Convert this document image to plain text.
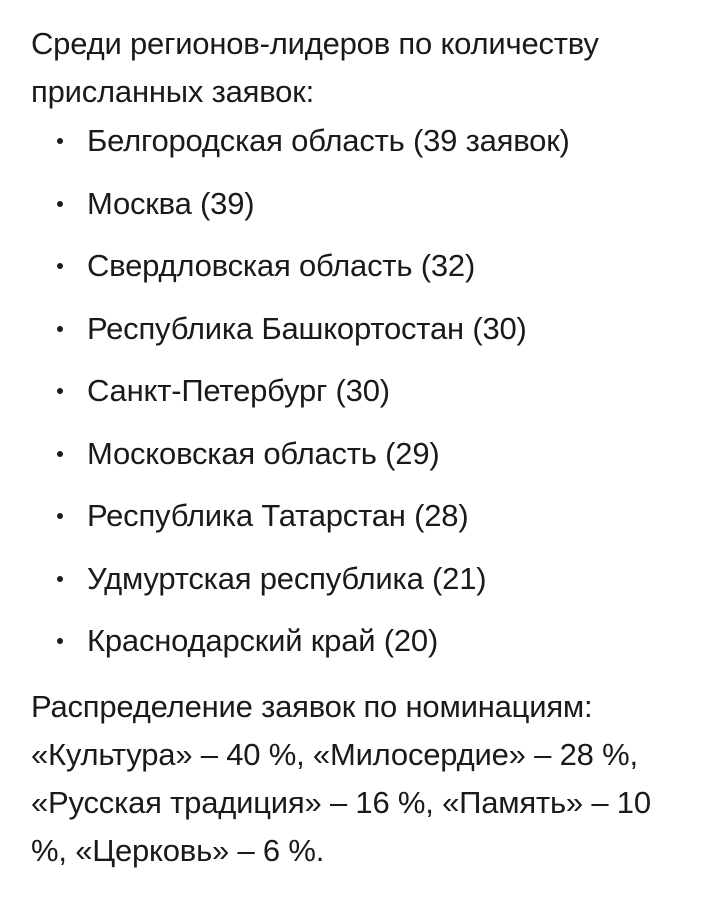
Среди регионов-лидеров по количеству
присланных заявок:

Белгородская область (39 заявок)
Москва (39)
Свердловская область (32)
Республика Башкортостан (30)
Санкт-Петербург (30)
Московская область (29)
Республика Татарстан (28)
Удмуртская республика (21)
Краснодарский край (20)

Распределение заявок по номинациям:
«Культура» – 40 %, «Милосердие» – 28 %,
«Русская традиция» – 16 %, «Память» – 10
%, «Церковь» – 6 %.
